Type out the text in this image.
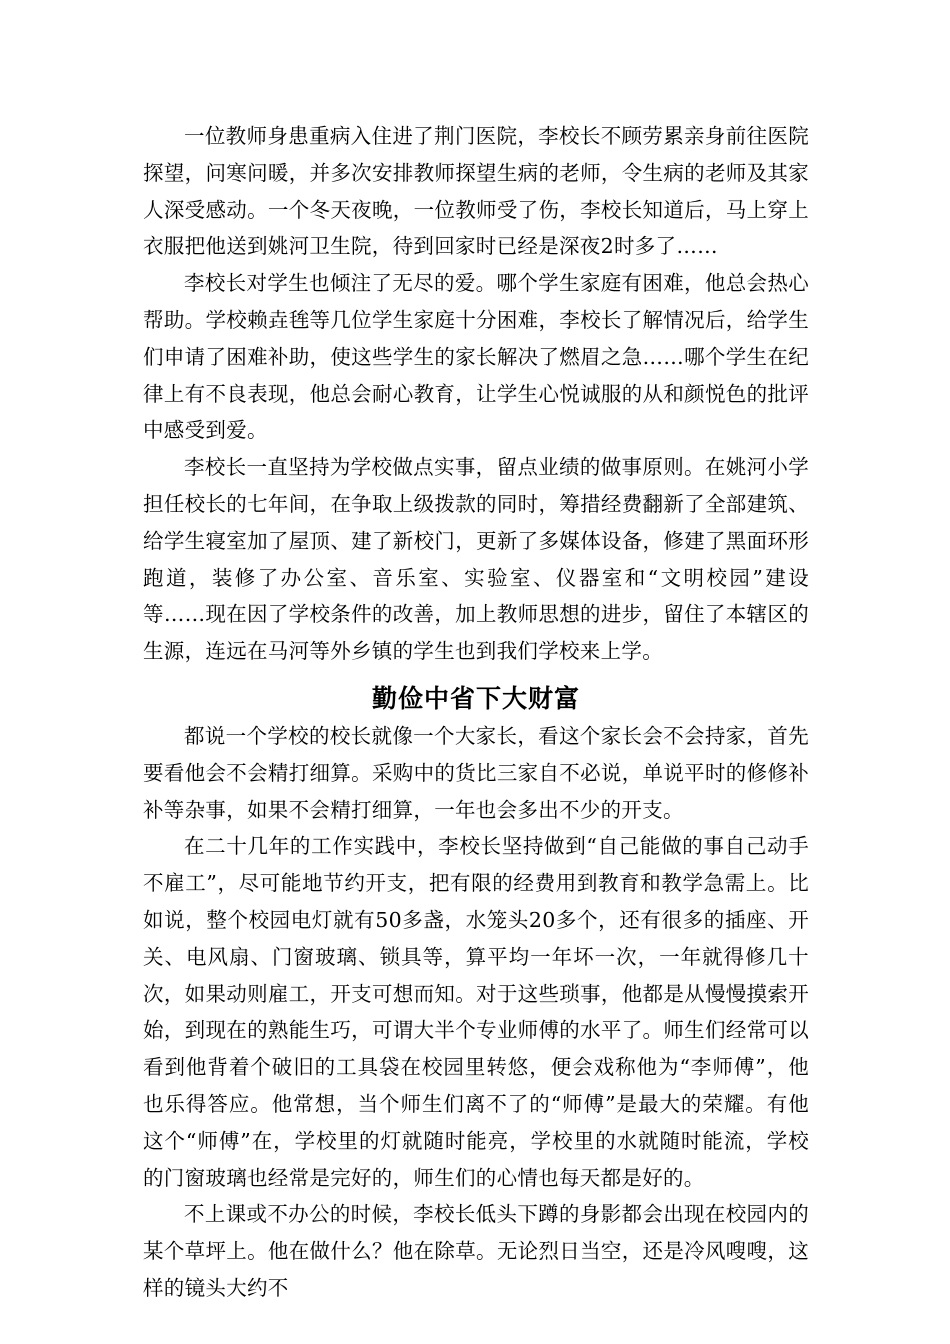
一位教师身患重病入住进了荆门医院，李校长不顾劳累亲身前往医院探望，问寒问暖，并多次安排教师探望生病的老师，令生病的老师及其家人深受感动。一个冬天夜晚，一位教师受了伤，李校长知道后，马上穿上衣服把他送到姚河卫生院，待到回家时已经是深夜2时多了……

李校长对学生也倾注了无尽的爱。哪个学生家庭有困难，他总会热心帮助。学校赖垚毪等几位学生家庭十分困难，李校长了解情况后，给学生们申请了困难补助，使这些学生的家长解决了燃眉之急……哪个学生在纪律上有不良表现，他总会耐心教育，让学生心悦诚服的从和颜悦色的批评中感受到爱。

李校长一直坚持为学校做点实事，留点业绩的做事原则。在姚河小学担任校长的七年间，在争取上级拨款的同时，筹措经费翻新了全部建筑、给学生寝室加了屋顶、建了新校门，更新了多媒体设备，修建了黑面环形跑道，装修了办公室、音乐室、实验室、仪器室和“文明校园”建设等……现在因了学校条件的改善，加上教师思想的进步，留住了本辖区的生源，连远在马河等外乡镇的学生也到我们学校来上学。

勤俭中省下大财富

都说一个学校的校长就像一个大家长，看这个家长会不会持家，首先要看他会不会精打细算。采购中的货比三家自不必说，单说平时的修修补补等杂事，如果不会精打细算，一年也会多出不少的开支。

在二十几年的工作实践中，李校长坚持做到“自己能做的事自己动手不雇工”，尽可能地节约开支，把有限的经费用到教育和教学急需上。比如说，整个校园电灯就有50多盏，水笼头20多个，还有很多的插座、开关、电风扇、门窗玻璃、锁具等，算平均一年坏一次，一年就得修几十次，如果动则雇工，开支可想而知。对于这些琐事，他都是从慢慢摸索开始，到现在的熟能生巧，可谓大半个专业师傅的水平了。师生们经常可以看到他背着个破旧的工具袋在校园里转悠，便会戏称他为“李师傅”，他也乐得答应。他常想，当个师生们离不了的“师傅”是最大的荣耀。有他这个“师傅”在，学校里的灯就随时能亮，学校里的水就随时能流，学校的门窗玻璃也经常是完好的，师生们的心情也每天都是好的。

不上课或不办公的时候，李校长低头下蹲的身影都会出现在校园内的某个草坪上。他在做什么？他在除草。无论烈日当空，还是冷风嗖嗖，这样的镜头大约不
